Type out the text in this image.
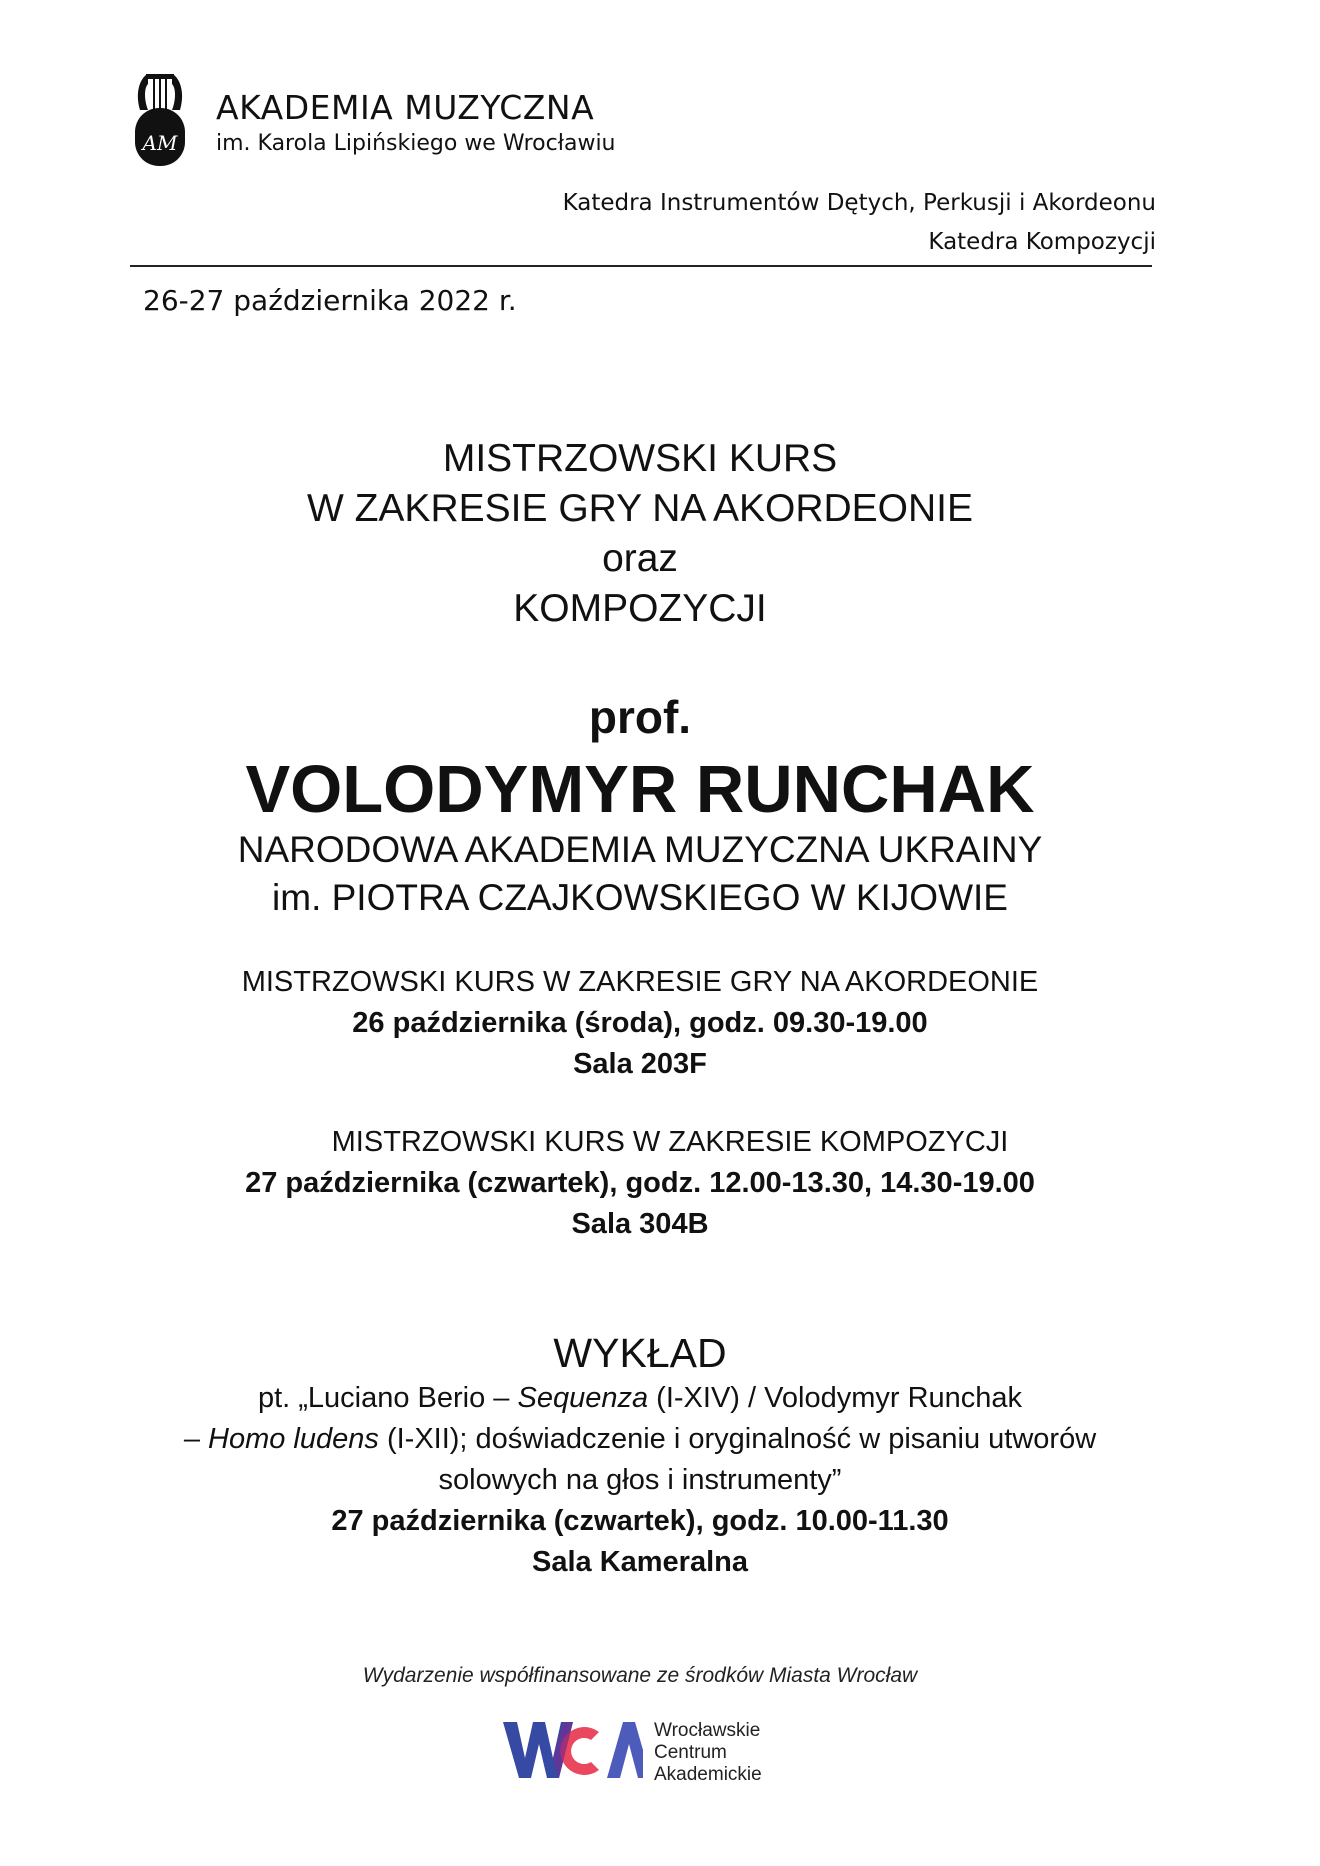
AM
AKADEMIA MUZYCZNA
im. Karola Lipińskiego we Wrocławiu
Katedra Instrumentów Dętych, Perkusji i Akordeonu
Katedra Kompozycji
26-27 października 2022 r.
MISTRZOWSKI KURS
W ZAKRESIE GRY NA AKORDEONIE
oraz
KOMPOZYCJI
prof.
VOLODYMYR RUNCHAK
NARODOWA AKADEMIA MUZYCZNA UKRAINY
im. PIOTRA CZAJKOWSKIEGO W KIJOWIE
MISTRZOWSKI KURS W ZAKRESIE GRY NA AKORDEONIE
26 października (środa), godz. 09.30-19.00
Sala 203F
MISTRZOWSKI KURS W ZAKRESIE KOMPOZYCJI
27 października (czwartek), godz. 12.00-13.30, 14.30-19.00
Sala 304B
WYKŁAD
pt. „Luciano Berio – Sequenza (I-XIV) / Volodymyr Runchak
– Homo ludens (I-XII); doświadczenie i oryginalność w pisaniu utworów
solowych na głos i instrumenty”
27 października (czwartek), godz. 10.00-11.30
Sala Kameralna
Wydarzenie współfinansowane ze środków Miasta Wrocław
Wrocławskie
Centrum
Akademickie
